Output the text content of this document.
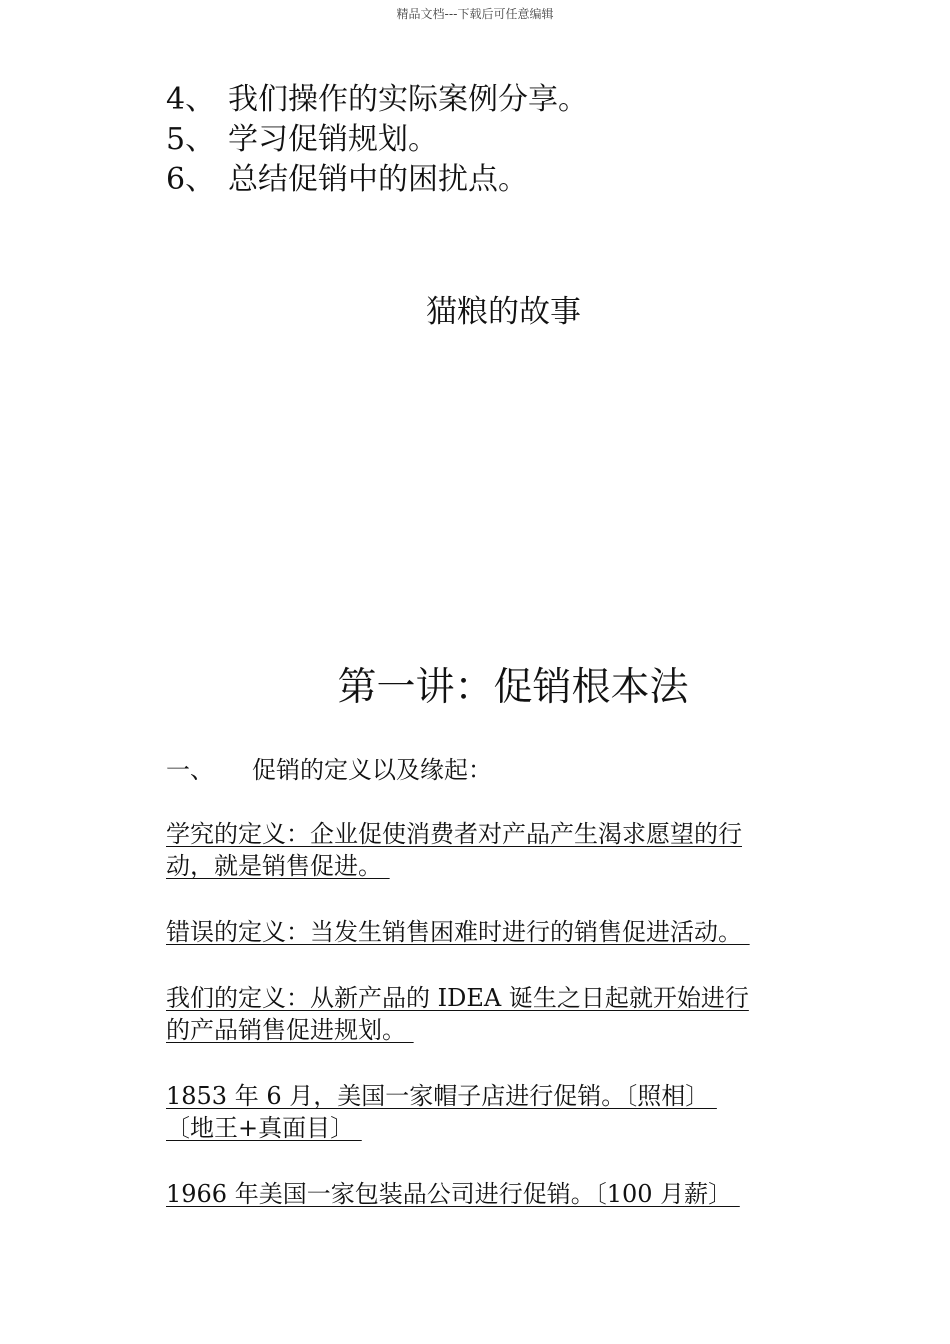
精品文档---下载后可任意编辑
4、 我们操作的实际案例分享。
5、 学习促销规划。
6、 总结促销中的困扰点。
猫粮的故事
第一讲：促销根本法
一、 促销的定义以及缘起：
学究的定义：企业促使消费者对产品产生渴求愿望的行
动，就是销售促进。
错误的定义：当发生销售困难时进行的销售促进活动。
我们的定义：从新产品的 IDEA 诞生之日起就开始进行
的产品销售促进规划。
1853 年 6 月，美国一家帽子店进行促销。〔照相〕
〔地王+真面目〕
1966 年美国一家包装品公司进行促销。〔100 月薪〕
